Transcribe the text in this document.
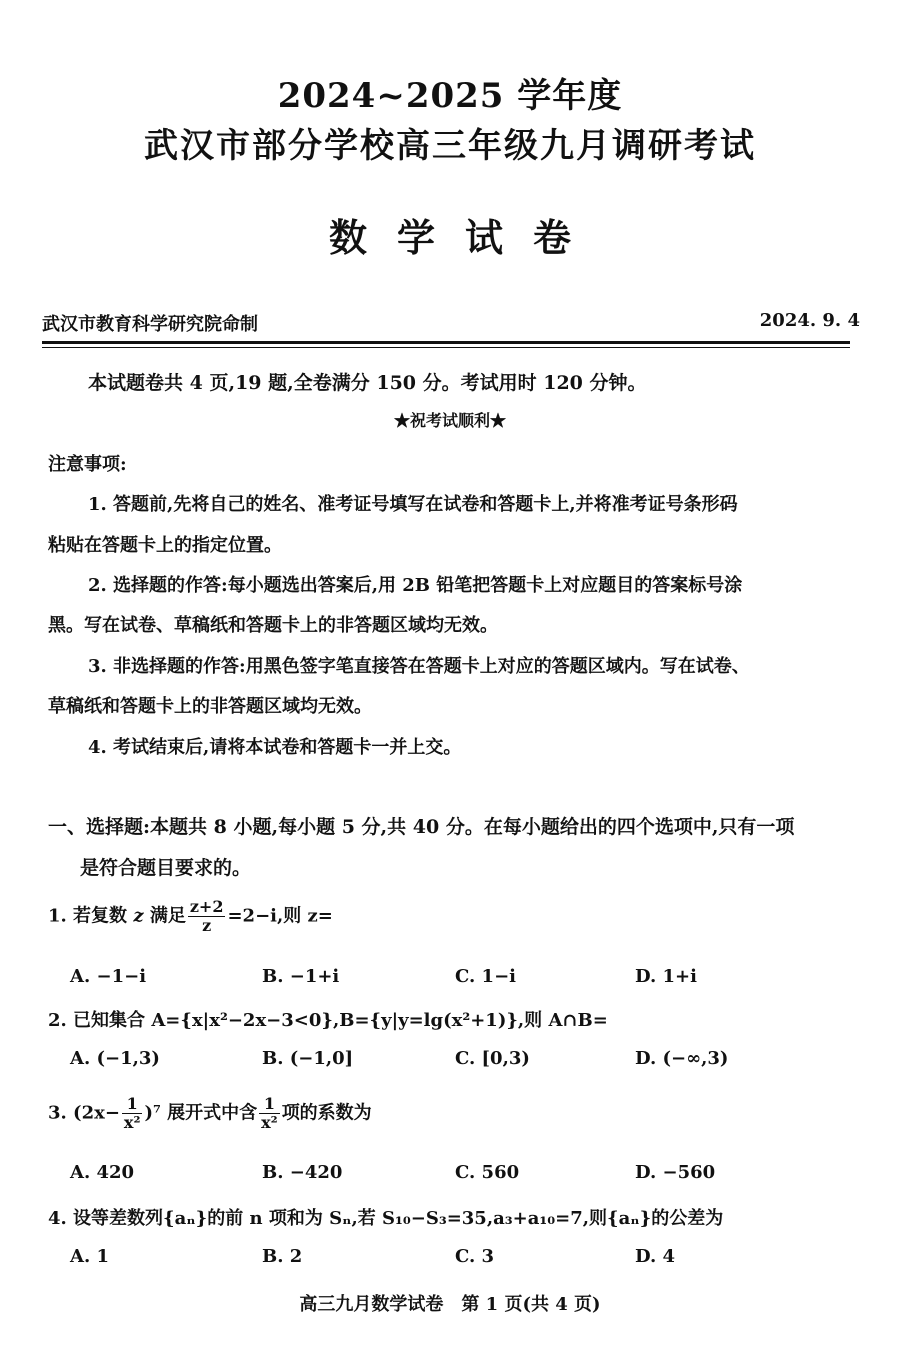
2024~2025 学年度
武汉市部分学校高三年级九月调研考试
数学试卷
武汉市教育科学研究院命制	2024. 9. 4
本试题卷共 4 页,19 题,全卷满分 150 分。考试用时 120 分钟。
★祝考试顺利★
注意事项:
1. 答题前,先将自己的姓名、准考证号填写在试卷和答题卡上,并将准考证号条形码
粘贴在答题卡上的指定位置。
2. 选择题的作答:每小题选出答案后,用 2B 铅笔把答题卡上对应题目的答案标号涂
黑。写在试卷、草稿纸和答题卡上的非答题区域均无效。
3. 非选择题的作答:用黑色签字笔直接答在答题卡上对应的答题区域内。写在试卷、
草稿纸和答题卡上的非答题区域均无效。
4. 考试结束后,请将本试卷和答题卡一并上交。
一、选择题:本题共 8 小题,每小题 5 分,共 40 分。在每小题给出的四个选项中,只有一项
是符合题目要求的。
1. 若复数 z 满足 $\frac{z+2}{z} =2-i$,则 z=
A. −1−i	B. −1+i	C. 1−i	D. 1+i
2. 已知集合 A={x|x²−2x−3<0},B={y|y=lg(x²+1)},则 A∩B=
A. (−1,3)	B. (−1,0]	C. [0,3)	D. (−∞,3)
3. $(2x- \frac{1}{\text{x²}} )^7$ 展开式中含 $\frac{1}{\text{x²}}$ 项的系数为
A. 420	B. −420	C. 560	D. −560
4. 设等差数列{aₙ}的前 n 项和为 Sₙ,若 S₁₀−S₃=35,a₃+a₁₀=7,则{aₙ}的公差为
A. 1	B. 2	C. 3	D. 4
高三九月数学试卷　第 1 页(共 4 页)
